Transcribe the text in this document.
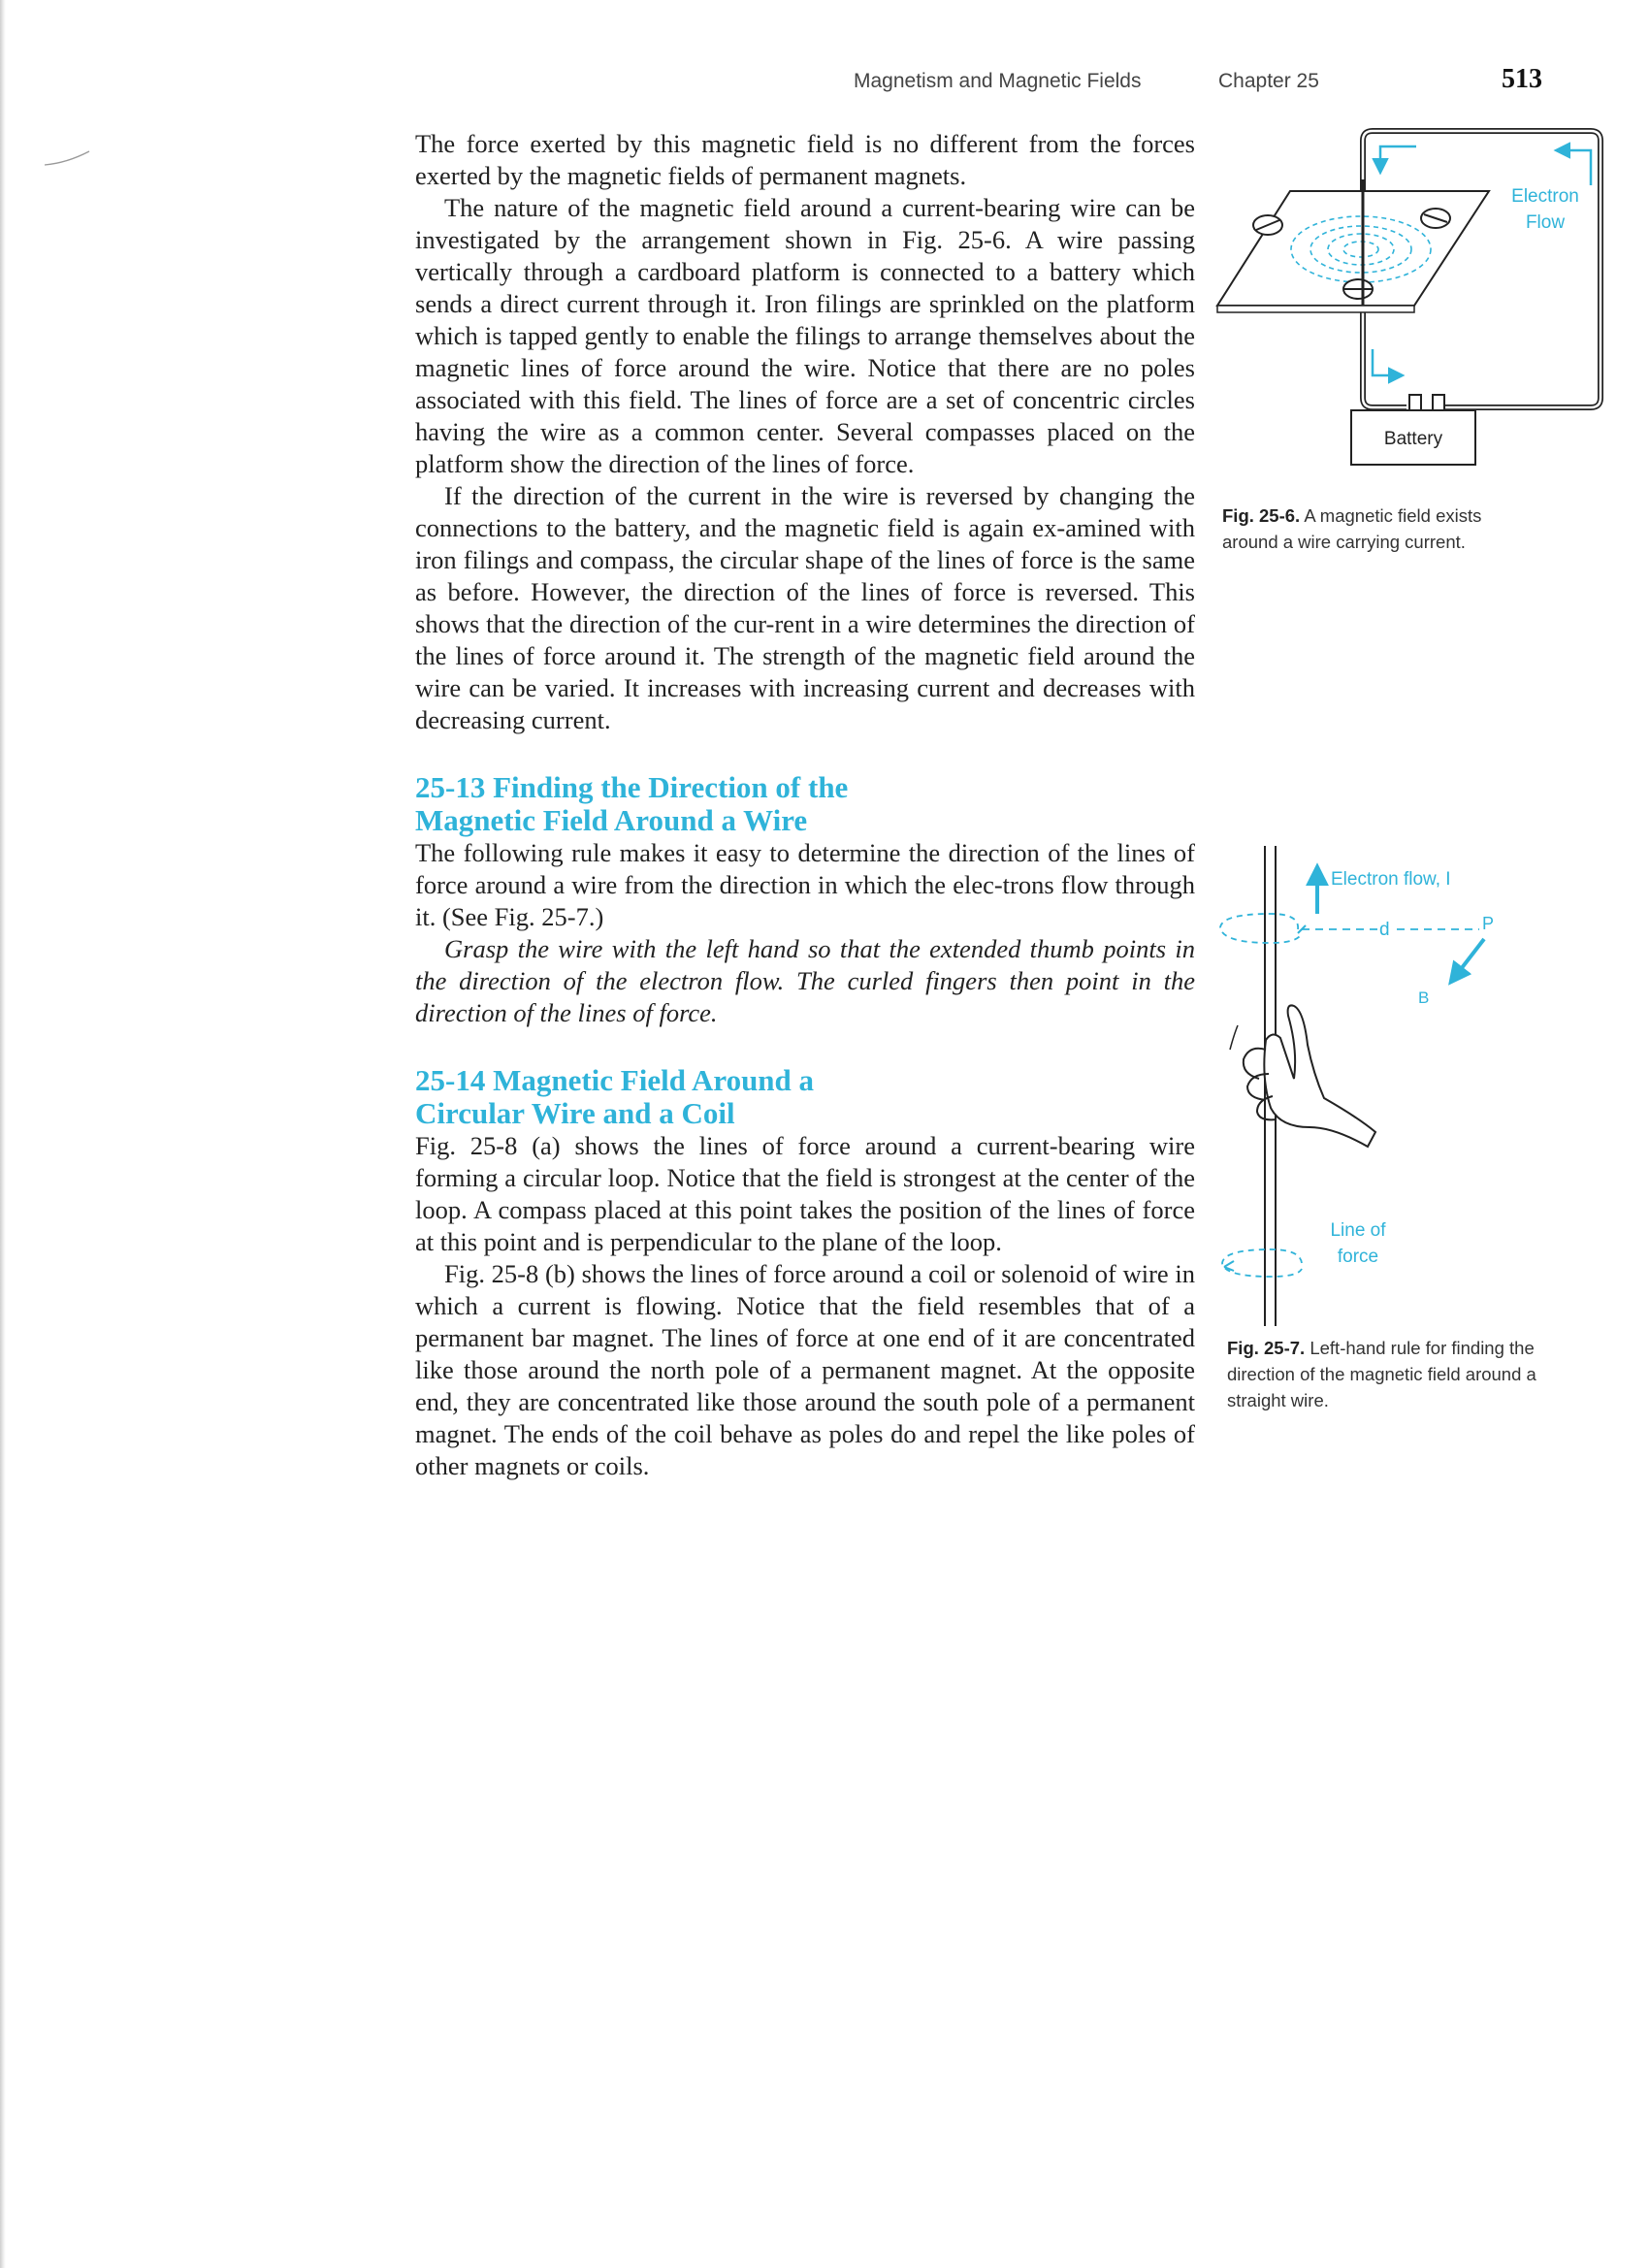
Magnetism and Magnetic Fields	Chapter 25	513

The force exerted by this magnetic field is no different from the forces exerted by the magnetic fields of permanent magnets.

The nature of the magnetic field around a current-bearing wire can be investigated by the arrangement shown in Fig. 25-6. A wire passing vertically through a cardboard platform is connected to a battery which sends a direct current through it. Iron filings are sprinkled on the platform which is tapped gently to enable the filings to arrange themselves about the magnetic lines of force around the wire. Notice that there are no poles associated with this field. The lines of force are a set of concentric circles having the wire as a common center. Several compasses placed on the platform show the direction of the lines of force.

If the direction of the current in the wire is reversed by changing the connections to the battery, and the magnetic field is again ex-amined with iron filings and compass, the circular shape of the lines of force is the same as before. However, the direction of the lines of force is reversed. This shows that the direction of the cur-rent in a wire determines the direction of the lines of force around it. The strength of the magnetic field around the wire can be varied. It increases with increasing current and decreases with decreasing current.

25-13 Finding the Direction of the
Magnetic Field Around a Wire

The following rule makes it easy to determine the direction of the lines of force around a wire from the direction in which the elec-trons flow through it. (See Fig. 25-7.)

Grasp the wire with the left hand so that the extended thumb points in the direction of the electron flow. The curled fingers then point in the direction of the lines of force.

25-14 Magnetic Field Around a
Circular Wire and a Coil

Fig. 25-8 (a) shows the lines of force around a current-bearing wire forming a circular loop. Notice that the field is strongest at the center of the loop. A compass placed at this point takes the position of the lines of force at this point and is perpendicular to the plane of the loop.

Fig. 25-8 (b) shows the lines of force around a coil or solenoid of wire in which a current is flowing. Notice that the field resembles that of a permanent bar magnet. The lines of force at one end of it are concentrated like those around the north pole of a permanent magnet. At the opposite end, they are concentrated like those around the south pole of a permanent magnet. The ends of the coil behave as poles do and repel the like poles of other magnets or coils.

Electron
Flow
Battery
Fig. 25-6. A magnetic field exists around a wire carrying current.
Electron flow, I
d	P
B
Line of
force
Fig. 25-7. Left-hand rule for finding the direction of the magnetic field around a straight wire.
